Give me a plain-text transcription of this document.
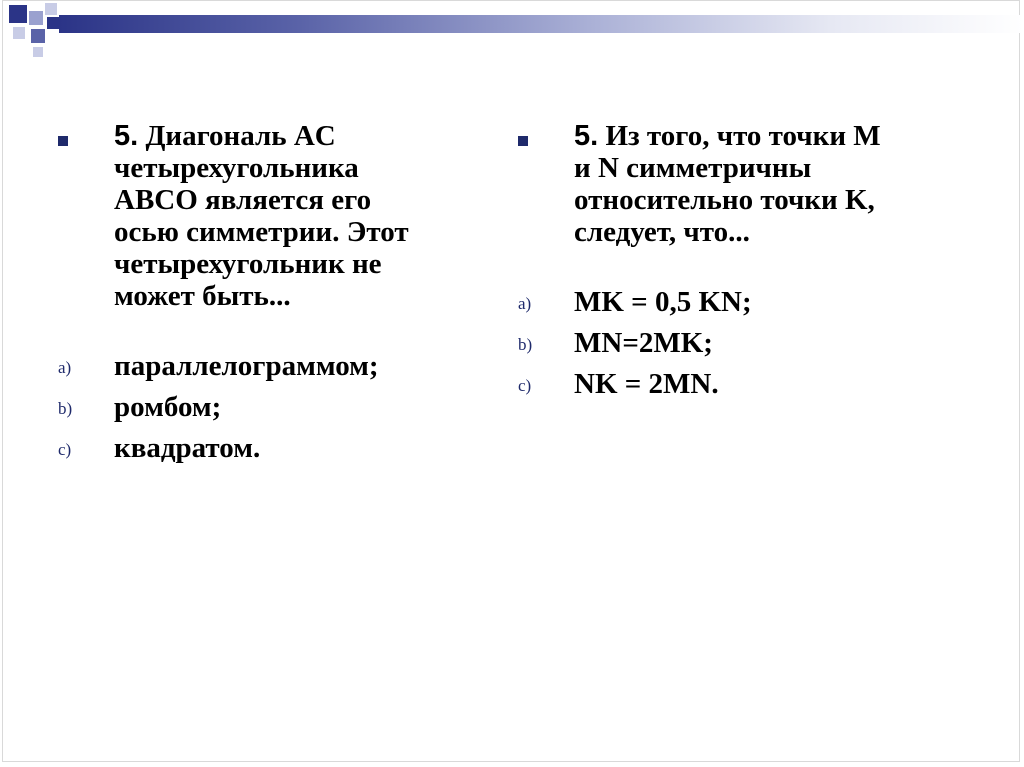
5. Диагональ AC
четырехугольника
ABCO является его
осью симметрии. Этот
четырехугольник не
может быть...
a) параллелограммом;
b) ромбом;
c) квадратом.
5. Из того, что точки M
и N симметричны
относительно точки K,
следует, что...
a) MK = 0,5 KN;
b) MN=2MK;
c) NK = 2MN.
